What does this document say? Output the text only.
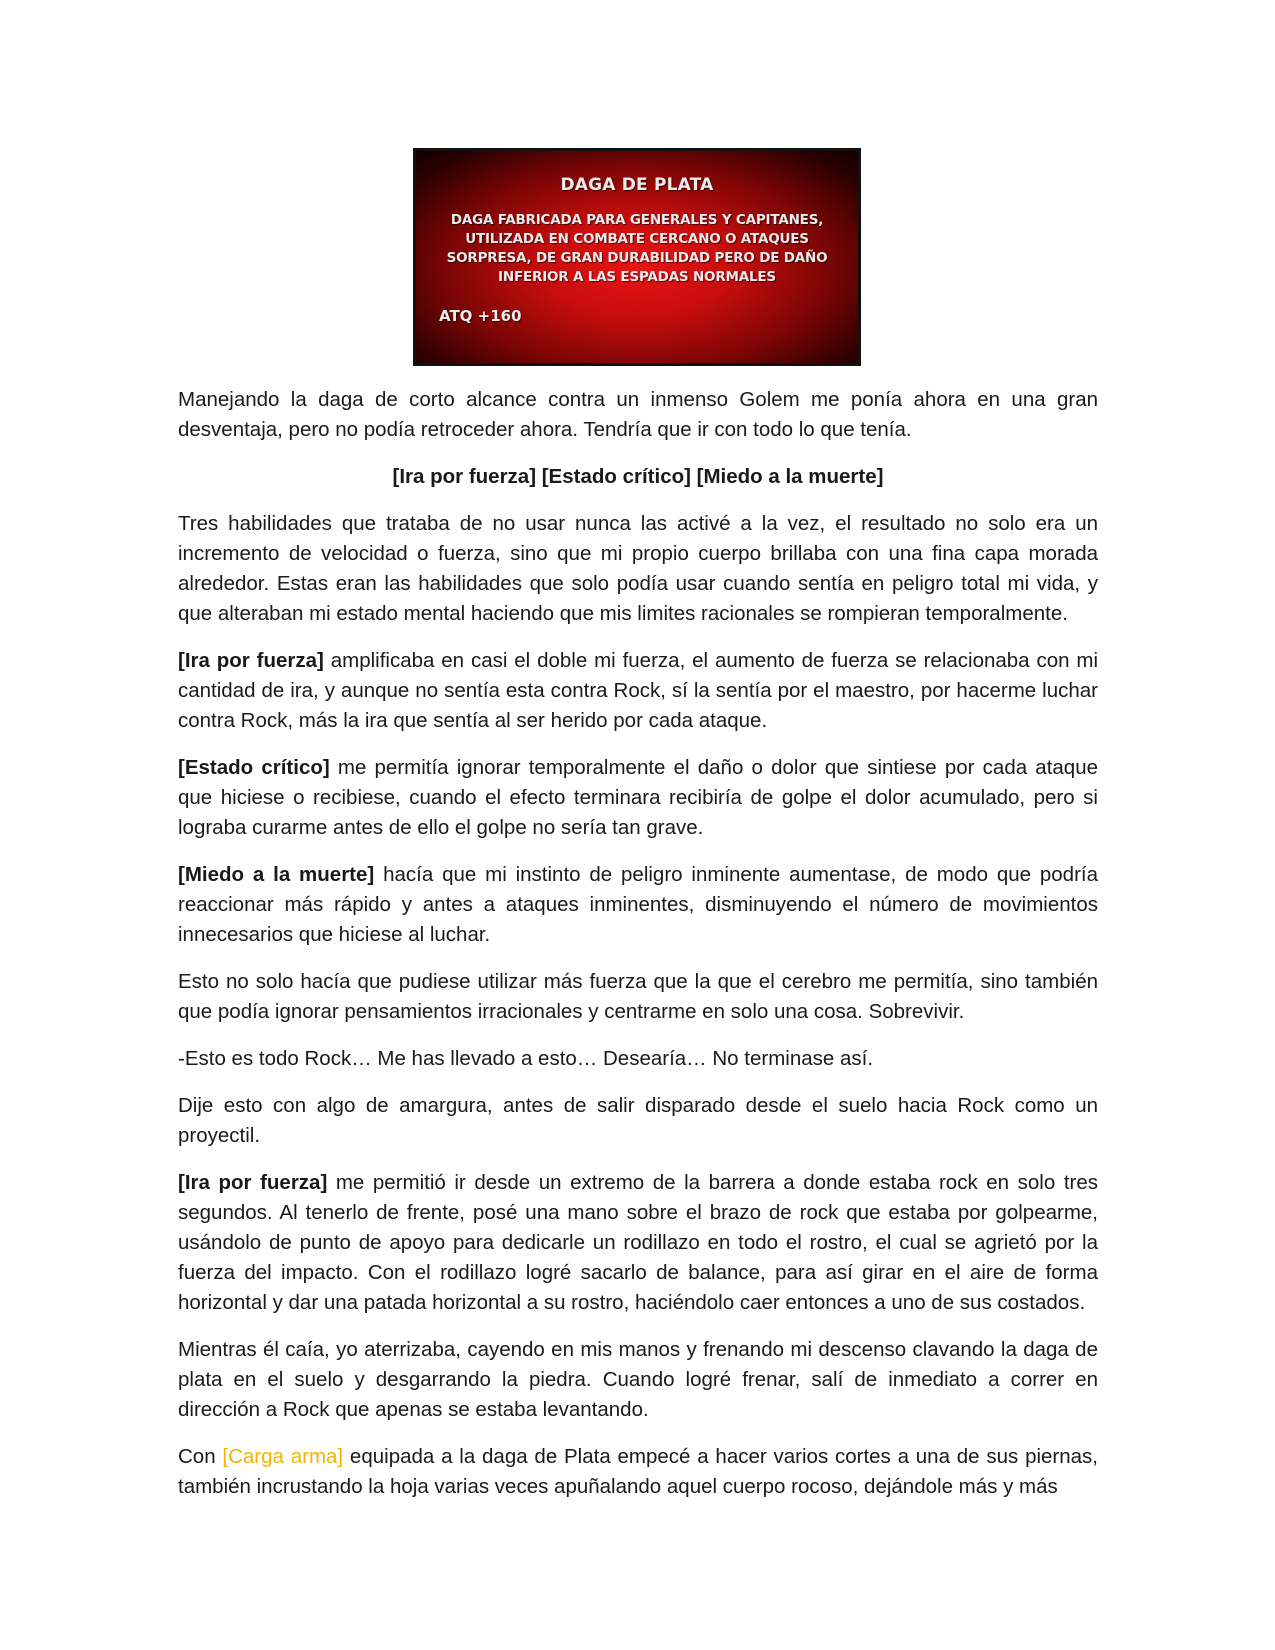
DAGA DE PLATA
DAGA FABRICADA PARA GENERALES Y CAPITANES, UTILIZADA EN COMBATE CERCANO O ATAQUES SORPRESA, DE GRAN DURABILIDAD PERO DE DAÑO INFERIOR A LAS ESPADAS NORMALES
ATQ +160

Manejando la daga de corto alcance contra un inmenso Golem me ponía ahora en una gran desventaja, pero no podía retroceder ahora. Tendría que ir con todo lo que tenía.

[Ira por fuerza] [Estado crítico] [Miedo a la muerte]

Tres habilidades que trataba de no usar nunca las activé a la vez, el resultado no solo era un incremento de velocidad o fuerza, sino que mi propio cuerpo brillaba con una fina capa morada alrededor. Estas eran las habilidades que solo podía usar cuando sentía en peligro total mi vida, y que alteraban mi estado mental haciendo que mis limites racionales se rompieran temporalmente.

[Ira por fuerza] amplificaba en casi el doble mi fuerza, el aumento de fuerza se relacionaba con mi cantidad de ira, y aunque no sentía esta contra Rock, sí la sentía por el maestro, por hacerme luchar contra Rock, más la ira que sentía al ser herido por cada ataque.

[Estado crítico] me permitía ignorar temporalmente el daño o dolor que sintiese por cada ataque que hiciese o recibiese, cuando el efecto terminara recibiría de golpe el dolor acumulado, pero si lograba curarme antes de ello el golpe no sería tan grave.

[Miedo a la muerte] hacía que mi instinto de peligro inminente aumentase, de modo que podría reaccionar más rápido y antes a ataques inminentes, disminuyendo el número de movimientos innecesarios que hiciese al luchar.

Esto no solo hacía que pudiese utilizar más fuerza que la que el cerebro me permitía, sino también que podía ignorar pensamientos irracionales y centrarme en solo una cosa. Sobrevivir.

-Esto es todo Rock… Me has llevado a esto… Desearía… No terminase así.

Dije esto con algo de amargura, antes de salir disparado desde el suelo hacia Rock como un proyectil.

[Ira por fuerza] me permitió ir desde un extremo de la barrera a donde estaba rock en solo tres segundos. Al tenerlo de frente, posé una mano sobre el brazo de rock que estaba por golpearme, usándolo de punto de apoyo para dedicarle un rodillazo en todo el rostro, el cual se agrietó por la fuerza del impacto. Con el rodillazo logré sacarlo de balance, para así girar en el aire de forma horizontal y dar una patada horizontal a su rostro, haciéndolo caer entonces a uno de sus costados.

Mientras él caía, yo aterrizaba, cayendo en mis manos y frenando mi descenso clavando la daga de plata en el suelo y desgarrando la piedra. Cuando logré frenar, salí de inmediato a correr en dirección a Rock que apenas se estaba levantando.

Con [Carga arma] equipada a la daga de Plata empecé a hacer varios cortes a una de sus piernas, también incrustando la hoja varias veces apuñalando aquel cuerpo rocoso, dejándole más y más
